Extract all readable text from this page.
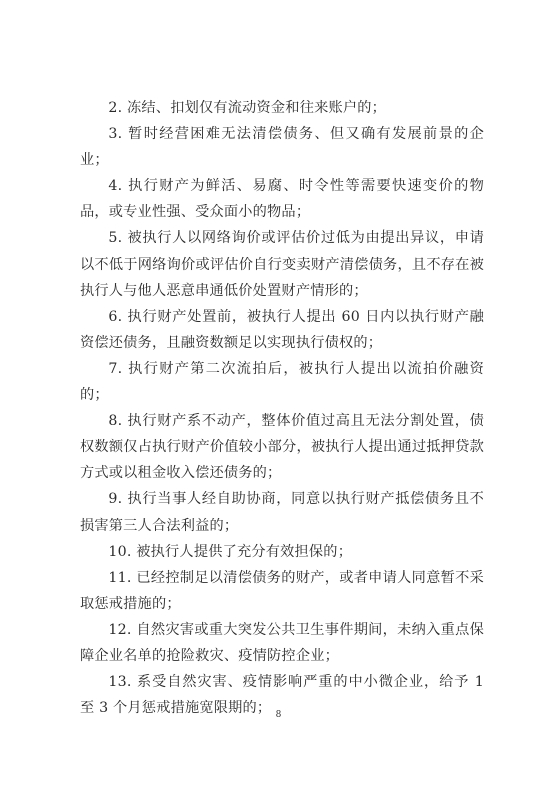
2. 冻结、扣划仅有流动资金和往来账户的；

3. 暂时经营困难无法清偿债务、但又确有发展前景的企业；

4. 执行财产为鲜活、易腐、时令性等需要快速变价的物品，或专业性强、受众面小的物品；

5. 被执行人以网络询价或评估价过低为由提出异议，申请以不低于网络询价或评估价自行变卖财产清偿债务，且不存在被执行人与他人恶意串通低价处置财产情形的；

6. 执行财产处置前，被执行人提出 60 日内以执行财产融资偿还债务，且融资数额足以实现执行债权的；

7. 执行财产第二次流拍后，被执行人提出以流拍价融资的；

8. 执行财产系不动产，整体价值过高且无法分割处置，债权数额仅占执行财产价值较小部分，被执行人提出通过抵押贷款方式或以租金收入偿还债务的；

9. 执行当事人经自助协商，同意以执行财产抵偿债务且不损害第三人合法利益的；

10. 被执行人提供了充分有效担保的；

11. 已经控制足以清偿债务的财产，或者申请人同意暂不采取惩戒措施的；

12. 自然灾害或重大突发公共卫生事件期间，未纳入重点保障企业名单的抢险救灾、疫情防控企业；

13. 系受自然灾害、疫情影响严重的中小微企业，给予 1 至 3 个月惩戒措施宽限期的； 8
